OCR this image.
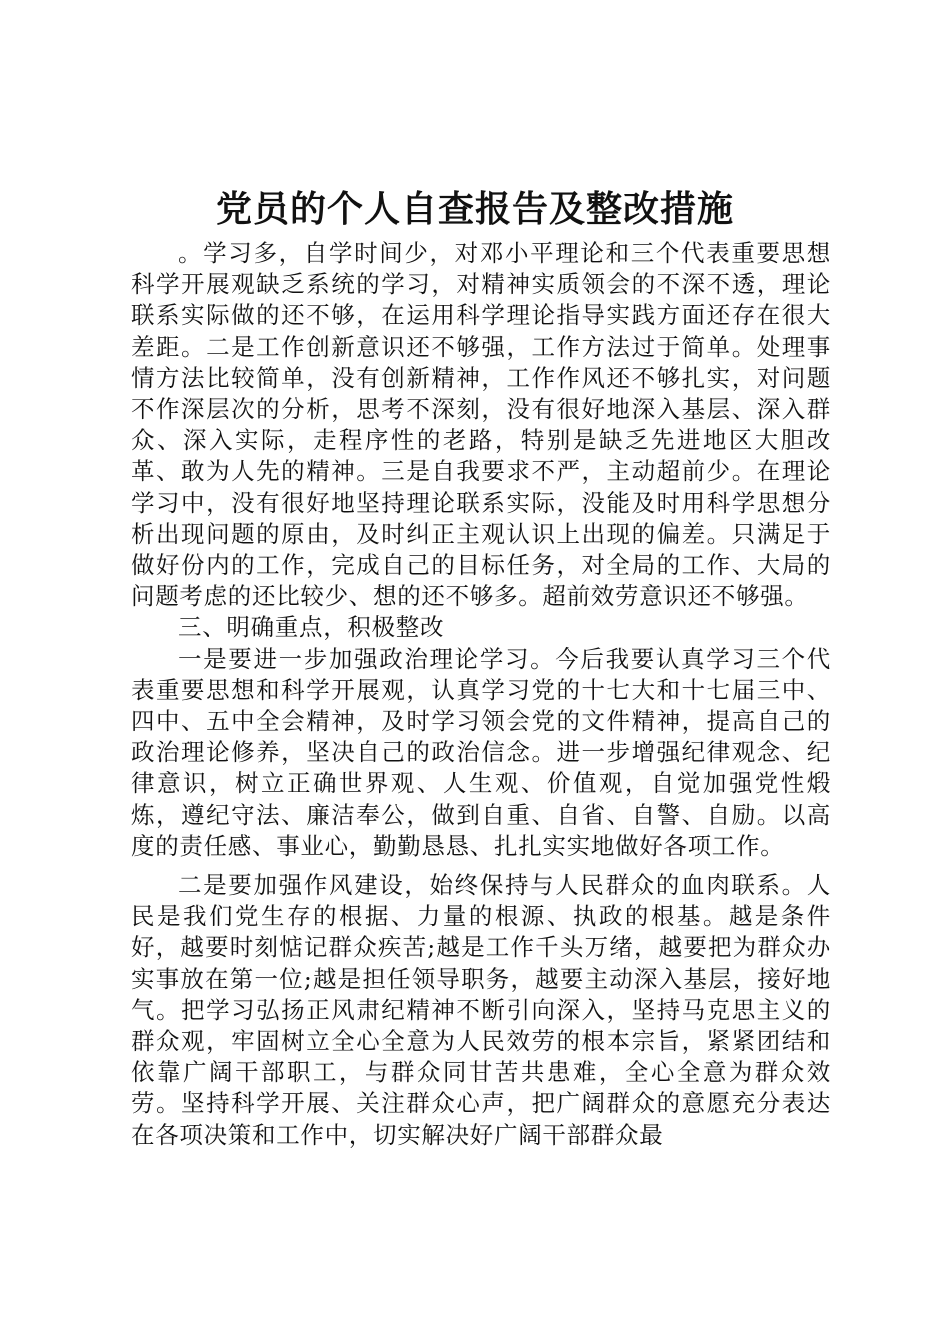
党员的个人自查报告及整改措施

。学习多，自学时间少，对邓小平理论和三个代表重要思想科学开展观缺乏系统的学习，对精神实质领会的不深不透，理论联系实际做的还不够，在运用科学理论指导实践方面还存在很大差距。二是工作创新意识还不够强，工作方法过于简单。处理事情方法比较简单，没有创新精神，工作作风还不够扎实，对问题不作深层次的分析，思考不深刻，没有很好地深入基层、深入群众、深入实际，走程序性的老路，特别是缺乏先进地区大胆改革、敢为人先的精神。三是自我要求不严，主动超前少。在理论学习中，没有很好地坚持理论联系实际，没能及时用科学思想分析出现问题的原由，及时纠正主观认识上出现的偏差。只满足于做好份内的工作，完成自己的目标任务，对全局的工作、大局的问题考虑的还比较少、想的还不够多。超前效劳意识还不够强。

三、明确重点，积极整改

一是要进一步加强政治理论学习。今后我要认真学习三个代表重要思想和科学开展观，认真学习党的十七大和十七届三中、四中、五中全会精神，及时学习领会党的文件精神，提高自己的政治理论修养，坚决自己的政治信念。进一步增强纪律观念、纪律意识，树立正确世界观、人生观、价值观，自觉加强党性煅炼，遵纪守法、廉洁奉公，做到自重、自省、自警、自励。以高度的责任感、事业心，勤勤恳恳、扎扎实实地做好各项工作。

二是要加强作风建设，始终保持与人民群众的血肉联系。人民是我们党生存的根据、力量的根源、执政的根基。越是条件好，越要时刻惦记群众疾苦;越是工作千头万绪，越要把为群众办实事放在第一位;越是担任领导职务，越要主动深入基层，接好地气。把学习弘扬正风肃纪精神不断引向深入，坚持马克思主义的群众观，牢固树立全心全意为人民效劳的根本宗旨，紧紧团结和依靠广阔干部职工，与群众同甘苦共患难，全心全意为群众效劳。坚持科学开展、关注群众心声，把广阔群众的意愿充分表达在各项决策和工作中，切实解决好广阔干部群众最
